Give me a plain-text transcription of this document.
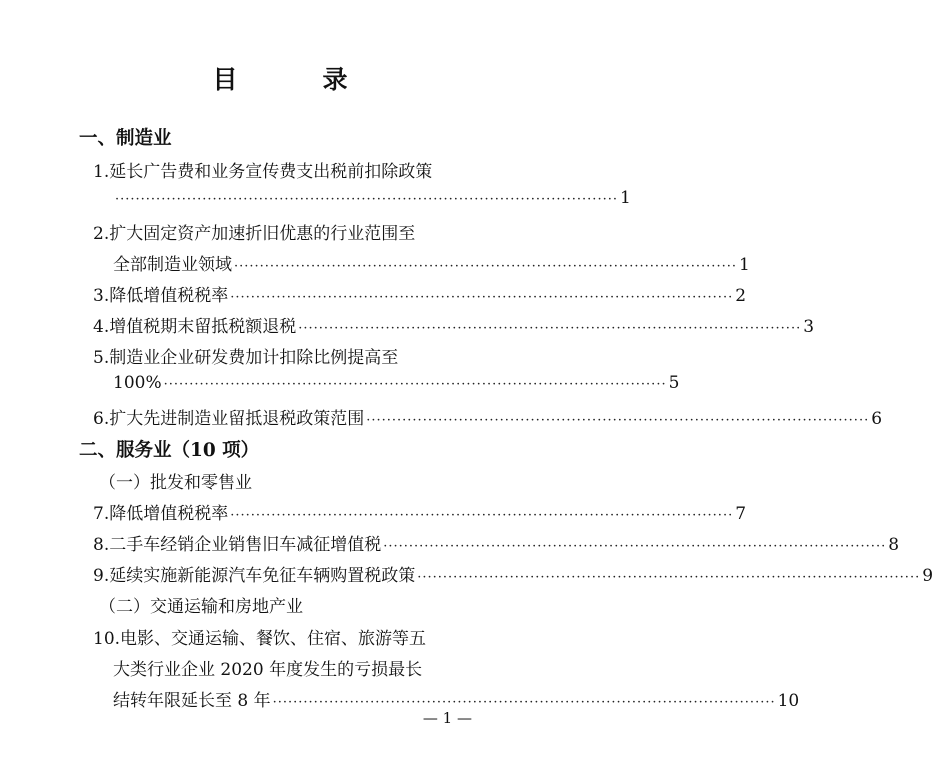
目　录
一、制造业
1.延长广告费和业务宣传费支出税前扣除政策
·································································································· 1
2.扩大固定资产加速折旧优惠的行业范围至
全部制造业领域 ·································································································· 1
3.降低增值税税率 ·································································································· 2
4.增值税期末留抵税额退税 ·································································································· 3
5.制造业企业研发费加计扣除比例提高至
100% ·································································································· 5
6.扩大先进制造业留抵退税政策范围 ·································································································· 6
二、服务业（10 项）
（一）批发和零售业
7.降低增值税税率 ·································································································· 7
8.二手车经销企业销售旧车减征增值税 ·································································································· 8
9.延续实施新能源汽车免征车辆购置税政策 ·································································································· 9
（二）交通运输和房地产业
10.电影、交通运输、餐饮、住宿、旅游等五
大类行业企业 2020 年度发生的亏损最长
结转年限延长至 8 年 ·································································································· 10
— 1 —
